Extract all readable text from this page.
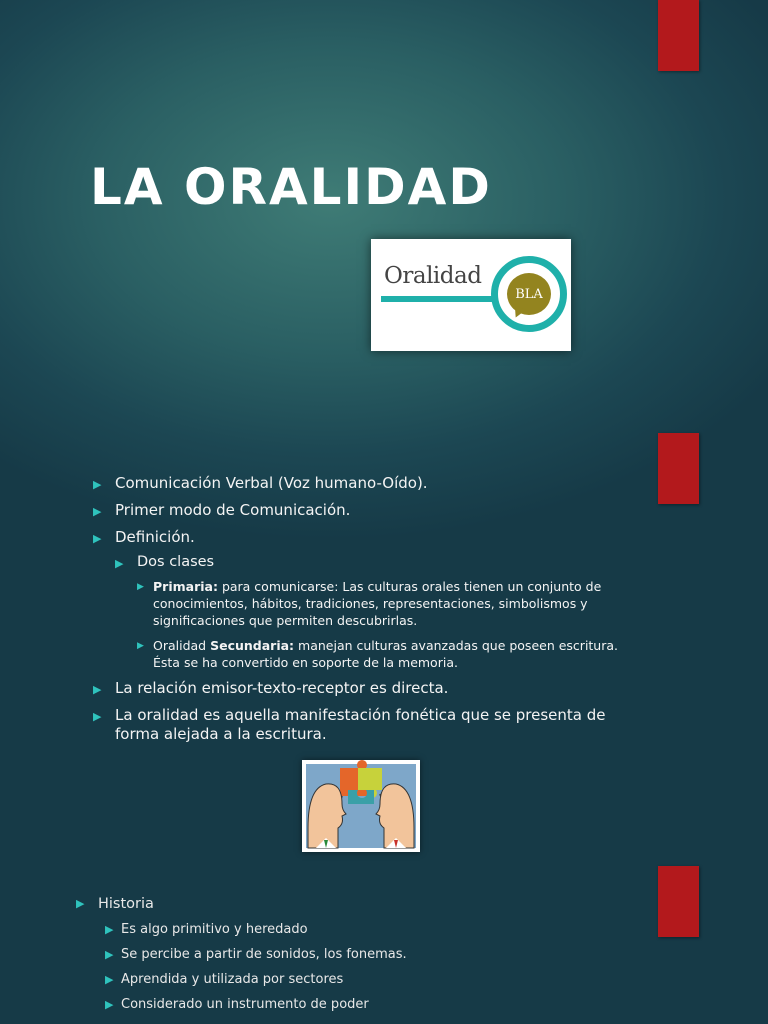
LA ORALIDAD
Oralidad
BLA
▶ Comunicación Verbal (Voz humano-Oído).
▶ Primer modo de Comunicación.
▶ Definición.
▶ Dos clases
▶ Primaria: para comunicarse: Las culturas orales tienen un conjunto de conocimientos, hábitos, tradiciones, representaciones, simbolismos y significaciones que permiten descubrirlas.
▶ Oralidad Secundaria: manejan culturas avanzadas que poseen escritura. Ésta se ha convertido en soporte de la memoria.
▶ La relación emisor-texto-receptor es directa.
▶ La oralidad es aquella manifestación fonética que se presenta de forma alejada a la escritura.
▶ Historia
▶ Es algo primitivo y heredado
▶ Se percibe a partir de sonidos, los fonemas.
▶ Aprendida y utilizada por sectores
▶ Considerado un instrumento de poder
